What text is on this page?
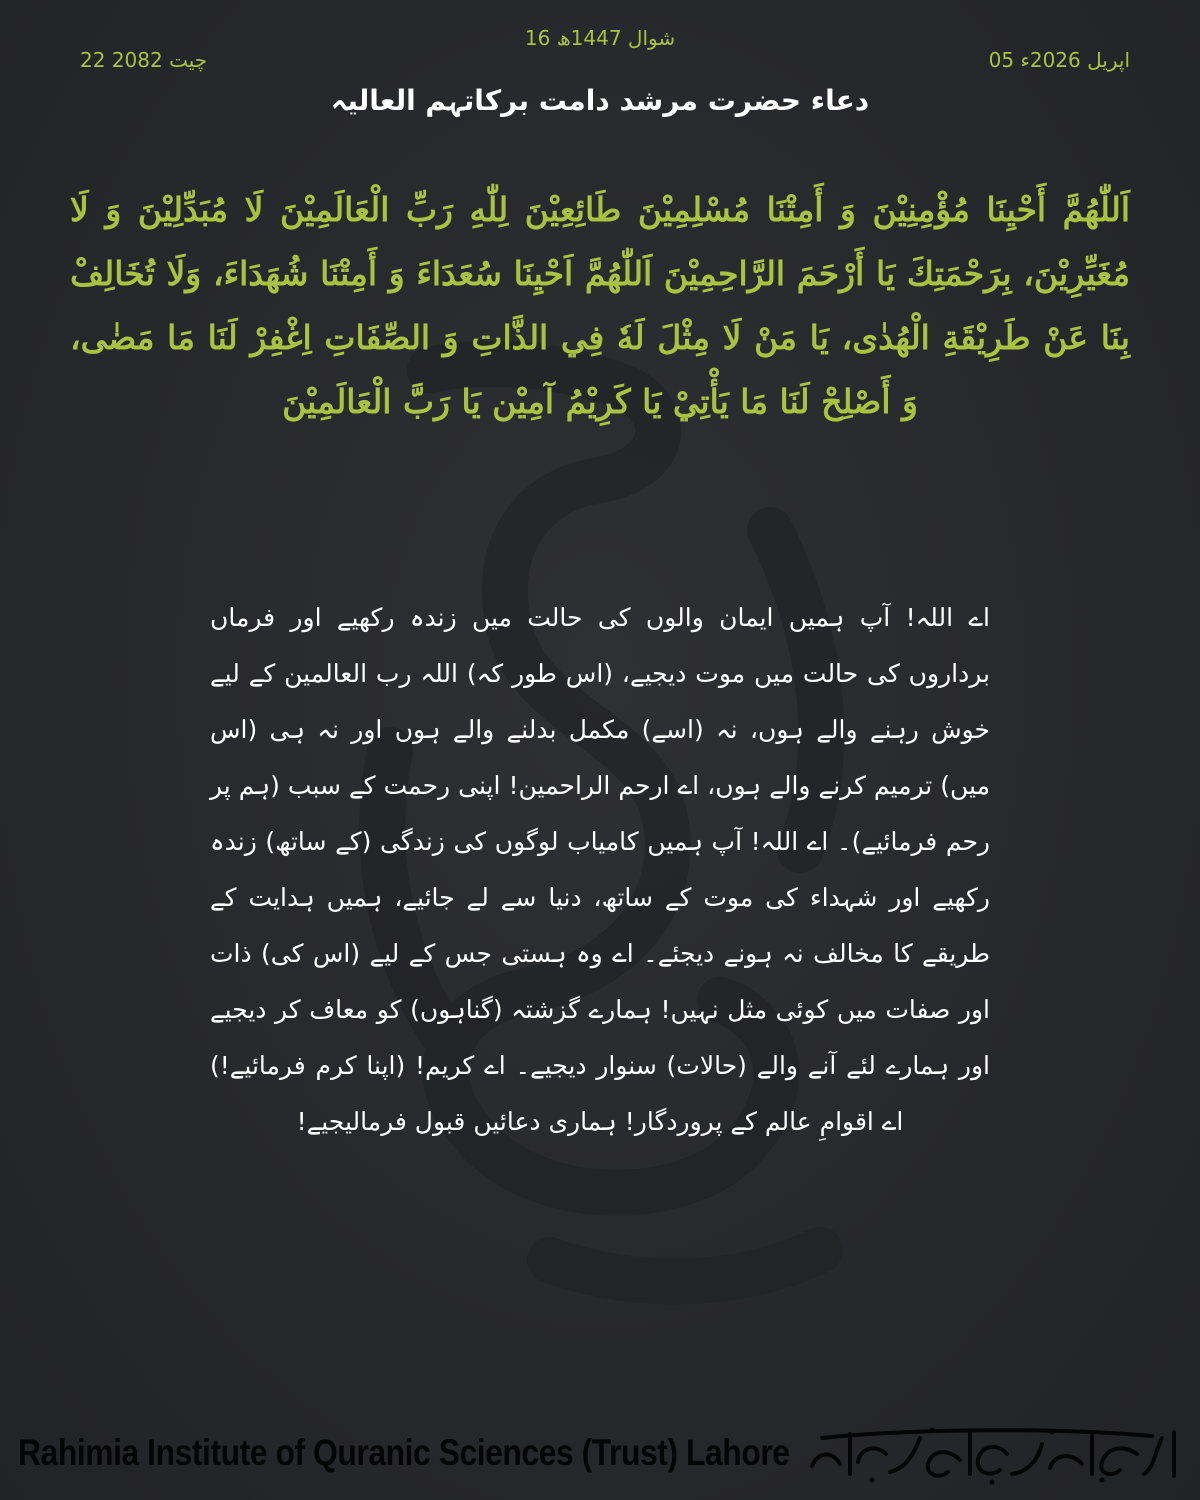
16 شوال 1447ھ
05 اپریل 2026ء
22 چیت 2082
دعاء حضرت مرشد دامت برکاتہم العالیہ
اَللّٰهُمَّ أَحْيِنَا مُؤْمِنِيْنَ وَ أَمِتْنَا مُسْلِمِيْنَ طَائِعِيْنَ لِلّٰهِ رَبِّ الْعَالَمِيْنَ لَا مُبَدِّلِيْنَ وَ لَا مُغَيِّرِيْنَ، بِرَحْمَتِكَ يَا أَرْحَمَ الرَّاحِمِيْنَ اَللّٰهُمَّ اَحْيِنَا سُعَدَاءَ وَ أَمِتْنَا شُهَدَاءَ، وَلَا تُخَالِفْ بِنَا عَنْ طَرِيْقَةِ الْهُدٰى، يَا مَنْ لَا مِثْلَ لَهٗ فِي الذَّاتِ وَ الصِّفَاتِ اِغْفِرْ لَنَا مَا مَضٰى، وَ أَصْلِحْ لَنَا مَا يَأْتِيْ يَا كَرِيْمُ آمِيْن يَا رَبَّ الْعَالَمِيْنَ
اے اللہ! آپ ہمیں ایمان والوں کی حالت میں زندہ رکھیے اور فرماں برداروں کی حالت میں موت دیجیے، (اس طور کہ) اللہ رب العالمین کے لیے خوش رہنے والے ہوں، نہ (اسے) مکمل بدلنے والے ہوں اور نہ ہی (اس میں) ترمیم کرنے والے ہوں، اے ارحم الراحمین! اپنی رحمت کے سبب (ہم پر رحم فرمائیے)۔ اے اللہ! آپ ہمیں کامیاب لوگوں کی زندگی (کے ساتھ) زندہ رکھیے اور شہداء کی موت کے ساتھ، دنیا سے لے جائیے، ہمیں ہدایت کے طریقے کا مخالف نہ ہونے دیجئے۔ اے وہ ہستی جس کے لیے (اس کی) ذات اور صفات میں کوئی مثل نہیں! ہمارے گزشتہ (گناہوں) کو معاف کر دیجیے اور ہمارے لئے آنے والے (حالات) سنوار دیجیے۔ اے کریم! (اپنا کرم فرمائیے!) اے اقوامِ عالم کے پروردگار! ہماری دعائیں قبول فرمالیجیے!
Rahimia Institute of Quranic Sciences (Trust) Lahore
